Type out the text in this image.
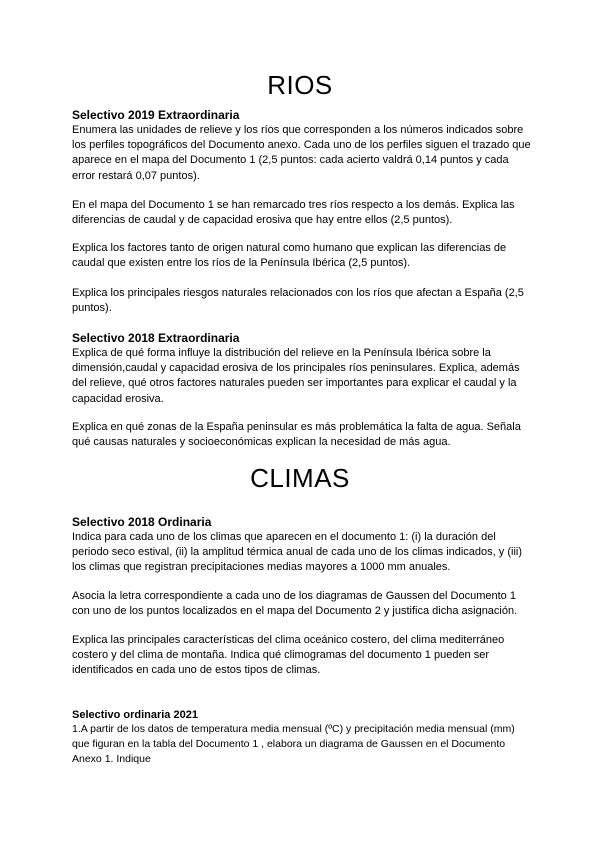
RIOS
Selectivo 2019 Extraordinaria

Enumera las unidades de relieve y los ríos que corresponden a los números indicados sobre los perfiles topográficos del Documento anexo. Cada uno de los perfiles siguen el trazado que aparece en el mapa del Documento 1 (2,5 puntos: cada acierto valdrá 0,14 puntos y cada error restará 0,07 puntos).

En el mapa del Documento 1 se han remarcado tres ríos respecto a los demás. Explica las diferencias de caudal y de capacidad erosiva que hay entre ellos (2,5 puntos).

Explica los factores tanto de origen natural como humano que explican las diferencias de caudal que existen entre los ríos de la Península Ibérica (2,5 puntos).

Explica los principales riesgos naturales relacionados con los ríos que afectan a España (2,5 puntos).

Selectivo 2018 Extraordinaria

Explica de qué forma influye la distribución del relieve en la Península Ibérica sobre la dimensión,caudal y capacidad erosiva de los principales ríos peninsulares. Explica, además del relieve, qué otros factores naturales pueden ser importantes para explicar el caudal y la capacidad erosiva.

Explica en qué zonas de la España peninsular es más problemática la falta de agua. Señala qué causas naturales y socioeconómicas explican la necesidad de más agua.

CLIMAS
Selectivo 2018 Ordinaria

Indica para cada uno de los climas que aparecen en el documento 1: (i) la duración del periodo seco estival, (ii) la amplitud térmica anual de cada uno de los climas indicados, y (iii) los climas que registran precipitaciones medias mayores a 1000 mm anuales.

Asocia la letra correspondiente a cada uno de los diagramas de Gaussen del Documento 1 con uno de los puntos localizados en el mapa del Documento 2 y justifica dicha asignación.

Explica las principales características del clima oceánico costero, del clima mediterráneo costero y del clima de montaña. Indica qué climogramas del documento 1 pueden ser identificados en cada uno de estos tipos de climas.

Selectivo ordinaria 2021

1.A partir de los datos de temperatura media mensual (ºC) y precipitación media mensual (mm) que figuran en la tabla del Documento 1 , elabora un diagrama de Gaussen en el Documento Anexo 1. Indique
